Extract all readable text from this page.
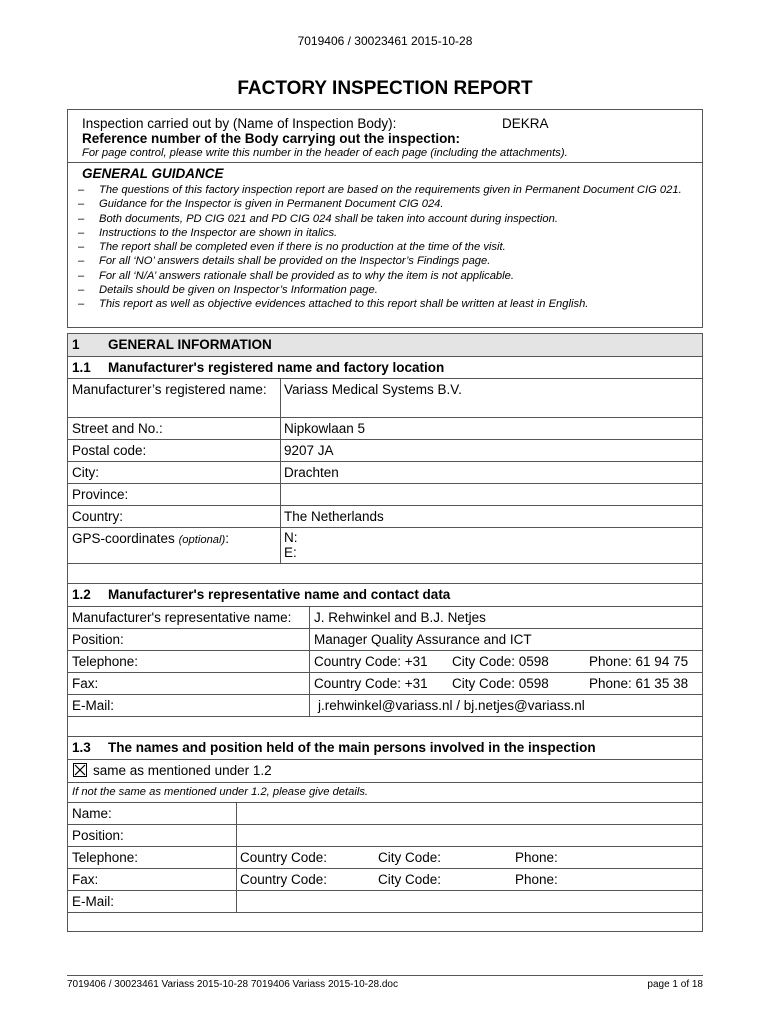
7019406 / 30023461 2015-10-28
FACTORY INSPECTION REPORT
Inspection carried out by (Name of Inspection Body):	DEKRA
Reference number of the Body carrying out the inspection:
For page control, please write this number in the header of each page (including the attachments).
GENERAL GUIDANCE
– The questions of this factory inspection report are based on the requirements given in Permanent Document CIG 021.
– Guidance for the Inspector is given in Permanent Document CIG 024.
– Both documents, PD CIG 021 and PD CIG 024 shall be taken into account during inspection.
– Instructions to the Inspector are shown in italics.
– The report shall be completed even if there is no production at the time of the visit.
– For all ‘NO’ answers details shall be provided on the Inspector’s Findings page.
– For all ‘N/A’ answers rationale shall be provided as to why the item is not applicable.
– Details should be given on Inspector’s Information page.
– This report as well as objective evidences attached to this report shall be written at least in English.
1 GENERAL INFORMATION
1.1 Manufacturer's registered name and factory location
Manufacturer’s registered name:	Variass Medical Systems B.V.
Street and No.:	Nipkowlaan 5
Postal code:	9207 JA
City:	Drachten
Province:
Country:	The Netherlands
GPS-coordinates (optional):	N:
E:
1.2 Manufacturer's representative name and contact data
Manufacturer's representative name: J. Rehwinkel and B.J. Netjes
Position:	Manager Quality Assurance and ICT
Telephone:	Country Code: +31 City Code: 0598	Phone: 61 94 75
Fax:	Country Code: +31 City Code: 0598	Phone: 61 35 38
E-Mail:	j.rehwinkel@variass.nl / bj.netjes@variass.nl
1.3 The names and position held of the main persons involved in the inspection
same as mentioned under 1.2
If not the same as mentioned under 1.2, please give details.
Name:
Position:
Telephone:	Country Code:	City Code:	Phone:
Fax:	Country Code:	City Code:	Phone:
E-Mail:
7019406 / 30023461 Variass 2015-10-28 7019406 Variass 2015-10-28.doc	page 1 of 18
